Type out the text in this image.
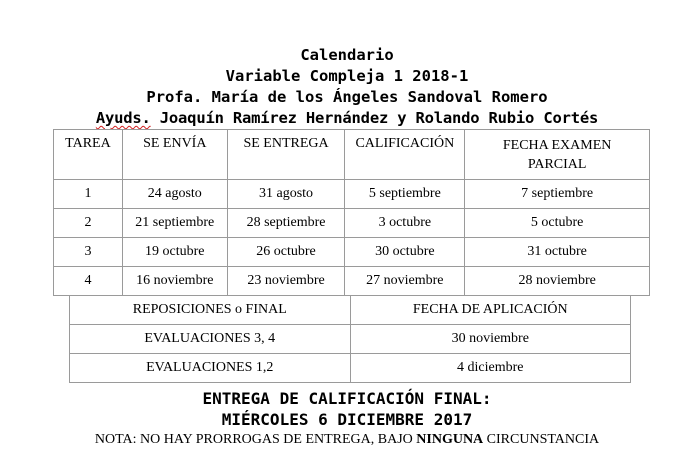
Calendario
Variable Compleja 1 2018-1
Profa. María de los Ángeles Sandoval Romero
Ayuds. Joaquín Ramírez Hernández y Rolando Rubio Cortés
TAREA	SE ENVÍA	SE ENTREGA	CALIFICACIÓN	FECHA EXAMEN PARCIAL

1	24 agosto	31 agosto	5 septiembre	7 septiembre
2	21 septiembre	28 septiembre	3 octubre	5 octubre
3	19 octubre	26 octubre	30 octubre	31 octubre
4	16 noviembre	23 noviembre	27 noviembre	28 noviembre
REPOSICIONES o FINAL	FECHA DE APLICACIÓN
EVALUACIONES 3, 4	30 noviembre
EVALUACIONES 1,2	4 diciembre
ENTREGA DE CALIFICACIÓN FINAL:
MIÉRCOLES 6 DICIEMBRE 2017
NOTA: NO HAY PRORROGAS DE ENTREGA, BAJO NINGUNA CIRCUNSTANCIA
